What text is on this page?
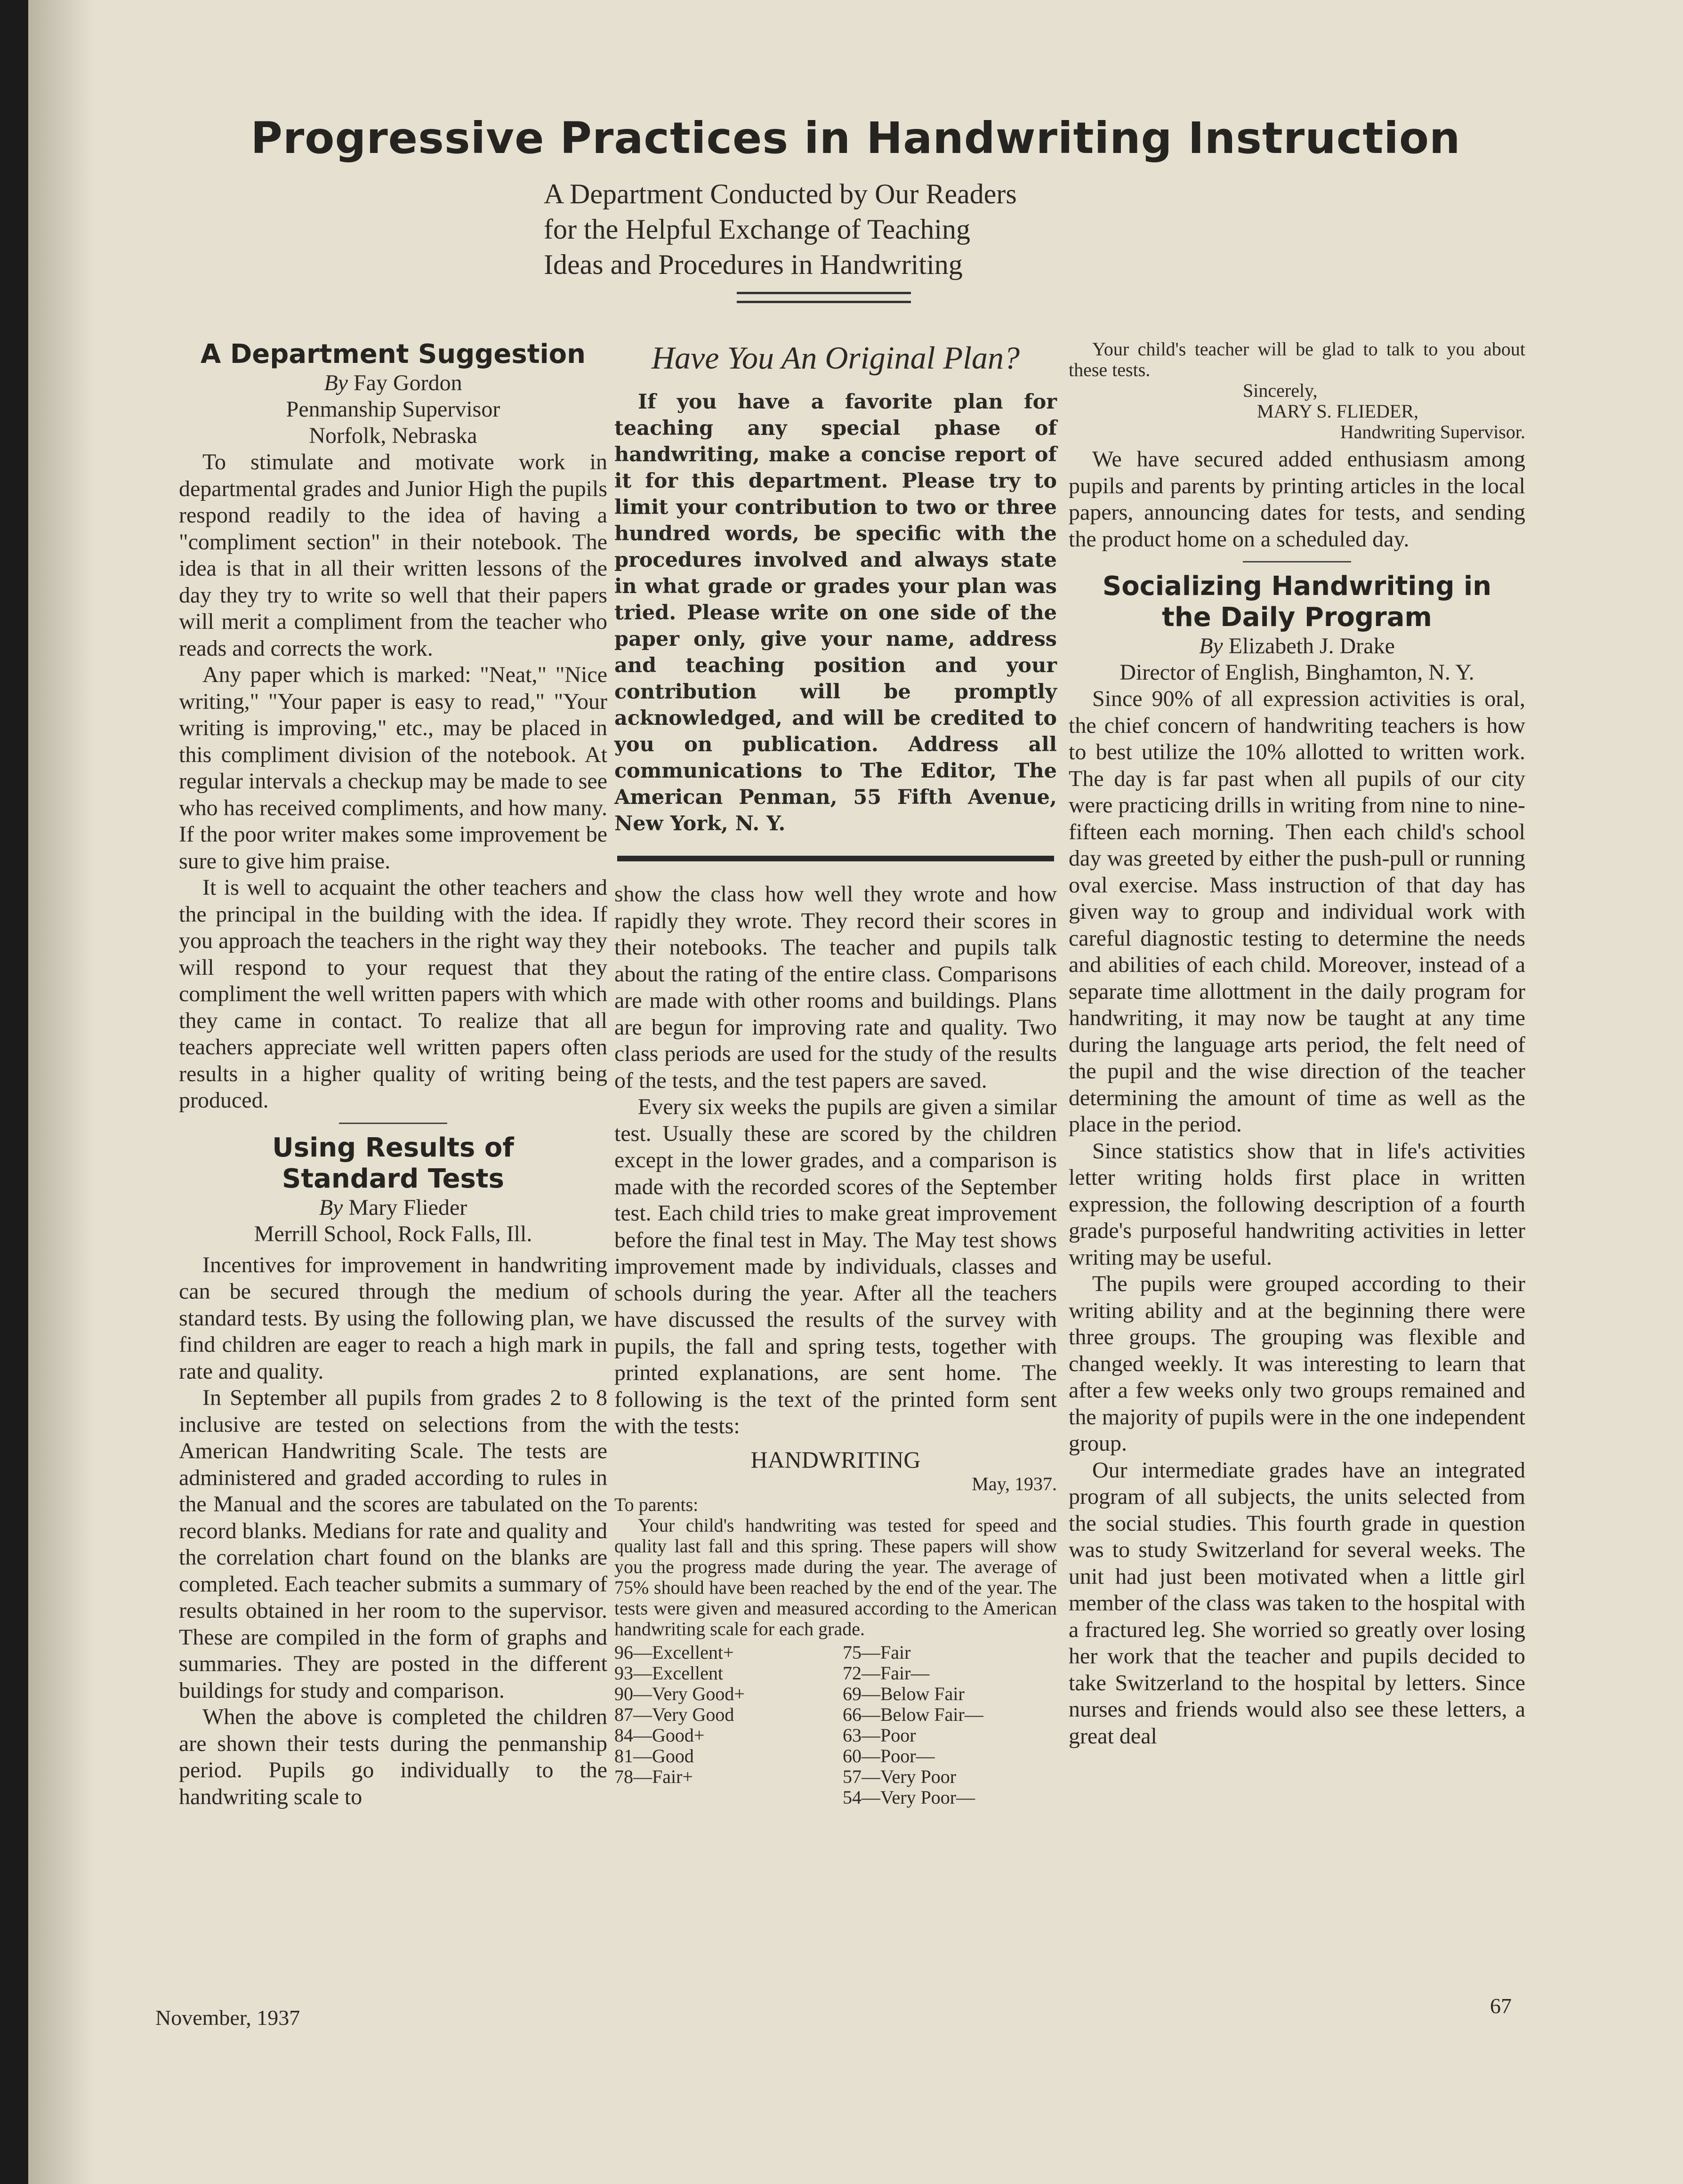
Progressive Practices in Handwriting Instruction
A Department Conducted by Our Readers
for the Helpful Exchange of Teaching
Ideas and Procedures in Handwriting
A Department Suggestion
By Fay Gordon
Penmanship Supervisor
Norfolk, Nebraska

To stimulate and motivate work in departmental grades and Junior High the pupils respond readily to the idea of having a "compliment section" in their notebook. The idea is that in all their written lessons of the day they try to write so well that their papers will merit a compliment from the teacher who reads and corrects the work.

Any paper which is marked: "Neat," "Nice writing," "Your paper is easy to read," "Your writing is improving," etc., may be placed in this compliment division of the notebook. At regular intervals a checkup may be made to see who has received compliments, and how many. If the poor writer makes some improvement be sure to give him praise.

It is well to acquaint the other teachers and the principal in the building with the idea. If you approach the teachers in the right way they will respond to your request that they compliment the well written papers with which they came in contact. To realize that all teachers appreciate well written papers often results in a higher quality of writing being produced.

Using Results of
Standard Tests
By Mary Flieder
Merrill School, Rock Falls, Ill.

Incentives for improvement in handwriting can be secured through the medium of standard tests. By using the following plan, we find children are eager to reach a high mark in rate and quality.

In September all pupils from grades 2 to 8 inclusive are tested on selections from the American Handwriting Scale. The tests are administered and graded according to rules in the Manual and the scores are tabulated on the record blanks. Medians for rate and quality and the correlation chart found on the blanks are completed. Each teacher submits a summary of results obtained in her room to the supervisor. These are compiled in the form of graphs and summaries. They are posted in the different buildings for study and comparison.

When the above is completed the children are shown their tests during the penmanship period. Pupils go individually to the handwriting scale to

Have You An Original Plan?

If you have a favorite plan for teaching any special phase of handwriting, make a concise report of it for this department. Please try to limit your contribution to two or three hundred words, be specific with the procedures involved and always state in what grade or grades your plan was tried. Please write on one side of the paper only, give your name, address and teaching position and your contribution will be promptly acknowledged, and will be credited to you on publication. Address all communications to The Editor, The American Penman, 55 Fifth Avenue, New York, N. Y.

show the class how well they wrote and how rapidly they wrote. They record their scores in their notebooks. The teacher and pupils talk about the rating of the entire class. Comparisons are made with other rooms and buildings. Plans are begun for improving rate and quality. Two class periods are used for the study of the results of the tests, and the test papers are saved.

Every six weeks the pupils are given a similar test. Usually these are scored by the children except in the lower grades, and a comparison is made with the recorded scores of the September test. Each child tries to make great improvement before the final test in May. The May test shows improvement made by individuals, classes and schools during the year. After all the teachers have discussed the results of the survey with pupils, the fall and spring tests, together with printed explanations, are sent home. The following is the text of the printed form sent with the tests:

HANDWRITING
May, 1937.
To parents:

Your child's handwriting was tested for speed and quality last fall and this spring. These papers will show you the progress made during the year. The average of 75% should have been reached by the end of the year. The tests were given and measured according to the American handwriting scale for each grade.

96—Excellent+
93—Excellent
90—Very Good+
87—Very Good
84—Good+
81—Good
78—Fair+
75—Fair
72—Fair—
69—Below Fair
66—Below Fair—
63—Poor
60—Poor—
57—Very Poor
54—Very Poor—

Your child's teacher will be glad to talk to you about these tests.

Sincerely,
MARY S. FLIEDER,
Handwriting Supervisor.

We have secured added enthusiasm among pupils and parents by printing articles in the local papers, announcing dates for tests, and sending the product home on a scheduled day.

Socializing Handwriting in
the Daily Program
By Elizabeth J. Drake
Director of English, Binghamton, N. Y.

Since 90% of all expression activities is oral, the chief concern of handwriting teachers is how to best utilize the 10% allotted to written work. The day is far past when all pupils of our city were practicing drills in writing from nine to nine-fifteen each morning. Then each child's school day was greeted by either the push-pull or running oval exercise. Mass instruction of that day has given way to group and individual work with careful diagnostic testing to determine the needs and abilities of each child. Moreover, instead of a separate time allottment in the daily program for handwriting, it may now be taught at any time during the language arts period, the felt need of the pupil and the wise direction of the teacher determining the amount of time as well as the place in the period.

Since statistics show that in life's activities letter writing holds first place in written expression, the following description of a fourth grade's purposeful handwriting activities in letter writing may be useful.

The pupils were grouped according to their writing ability and at the beginning there were three groups. The grouping was flexible and changed weekly. It was interesting to learn that after a few weeks only two groups remained and the majority of pupils were in the one independent group.

Our intermediate grades have an integrated program of all subjects, the units selected from the social studies. This fourth grade in question was to study Switzerland for several weeks. The unit had just been motivated when a little girl member of the class was taken to the hospital with a fractured leg. She worried so greatly over losing her work that the teacher and pupils decided to take Switzerland to the hospital by letters. Since nurses and friends would also see these letters, a great deal

November, 1937	67
